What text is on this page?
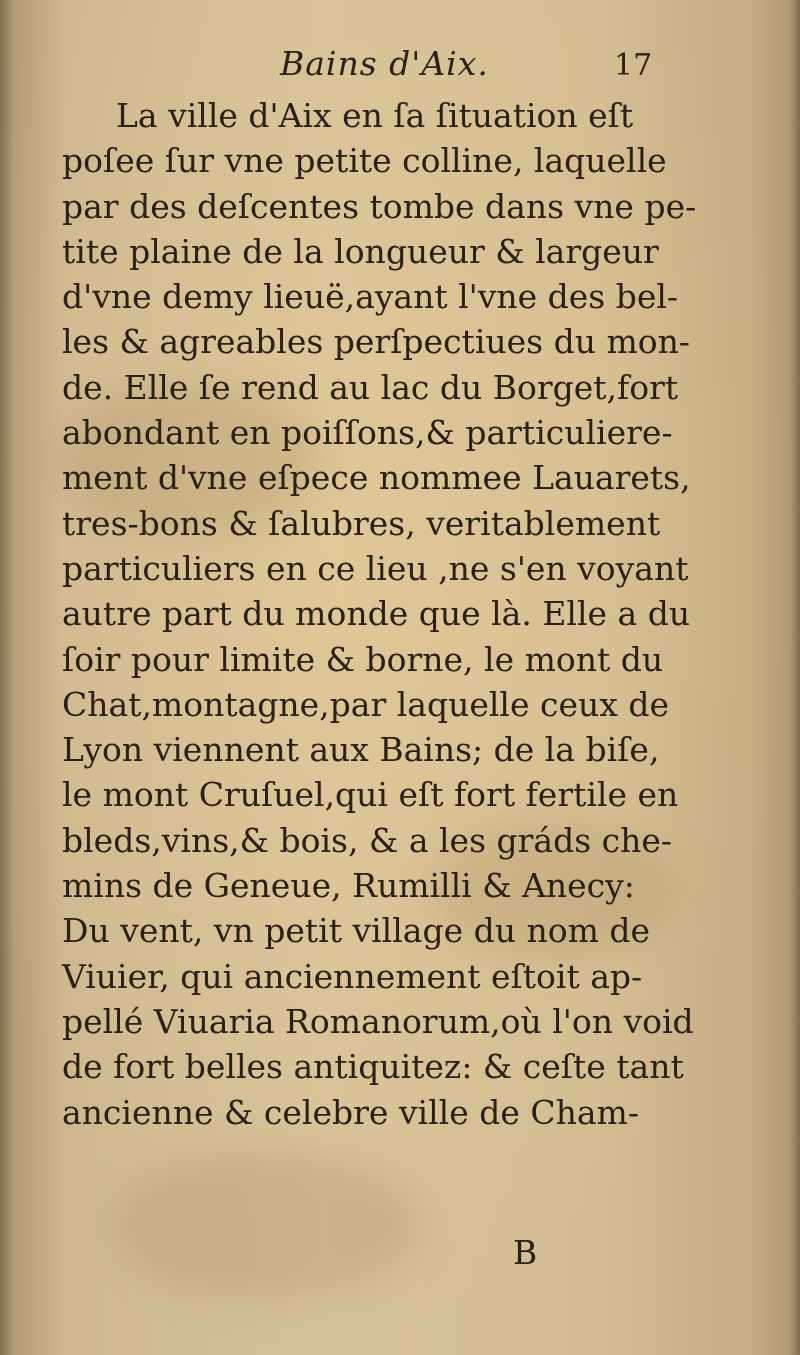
Bains d'Aix.	17
La ville d'Aix en ſa ſituation eſt
poſee ſur vne petite colline, laquelle
par des deſcentes tombe dans vne pe-
tite plaine de la longueur & largeur
d'vne demy lieuë,ayant l'vne des bel-
les & agreables perſpectiues du mon-
de. Elle ſe rend au lac du Borget,fort
abondant en poiſſons,& particuliere-
ment d'vne eſpece nommee Lauarets,
tres-bons & ſalubres, veritablement
particuliers en ce lieu ,ne s'en voyant
autre part du monde que là. Elle a du
ſoir pour limite & borne, le mont du
Chat,montagne,par laquelle ceux de
Lyon viennent aux Bains; de la biſe,
le mont Cruſuel,qui eſt fort fertile en
bleds,vins,& bois, & a les gráds che-
mins de Geneue, Rumilli & Anecy:
Du vent, vn petit village du nom de
Viuier, qui anciennement eſtoit ap-
pellé Viuaria Romanorum,où l'on void
de fort belles antiquitez: & ceſte tant
ancienne & celebre ville de Cham-
B
